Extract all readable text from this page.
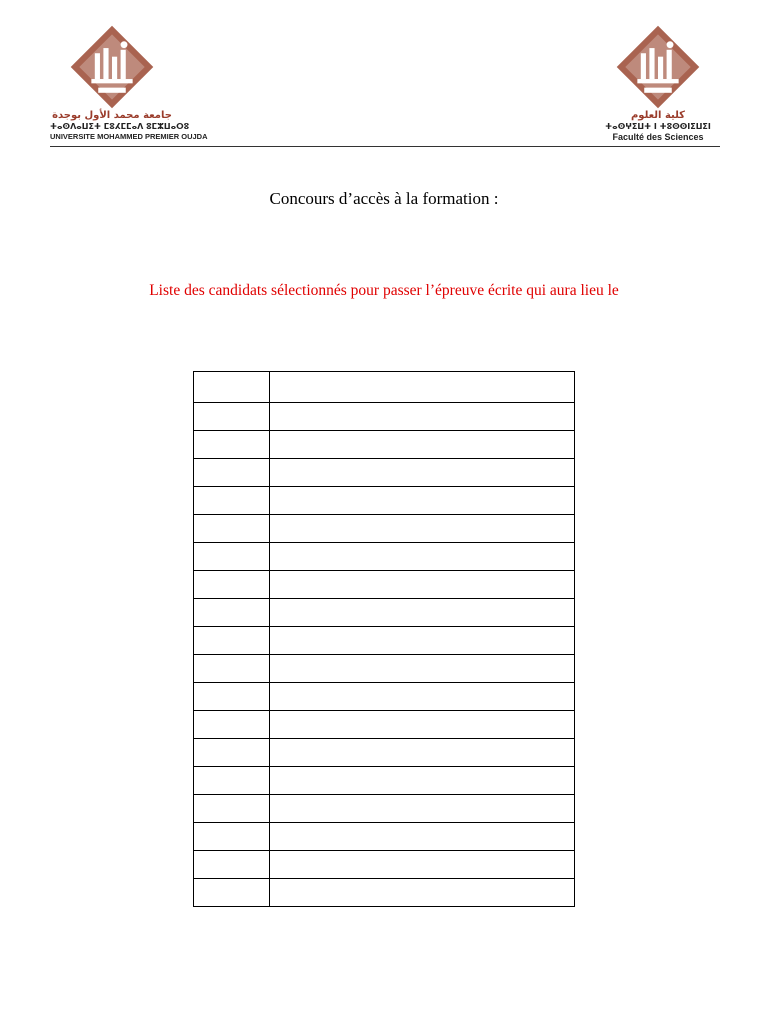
جامعة محمد الأول بوجدة
ⵜⴰⵙⴷⴰⵡⵉⵜ ⵎⵓⵃⵎⵎⴰⴷ ⵓⵎⵣⵡⴰⵔⵓ
UNIVERSITE MOHAMMED PREMIER OUJDA
كلية العلوم
ⵜⴰⵙⵖⵉⵡⵜ ⵏ ⵜⵓⵙⵙⵏⵉⵡⵉⵏ
Faculté des Sciences
Concours d’accès à la formation :
Liste des candidats sélectionnés pour passer l’épreuve écrite qui aura lieu le
